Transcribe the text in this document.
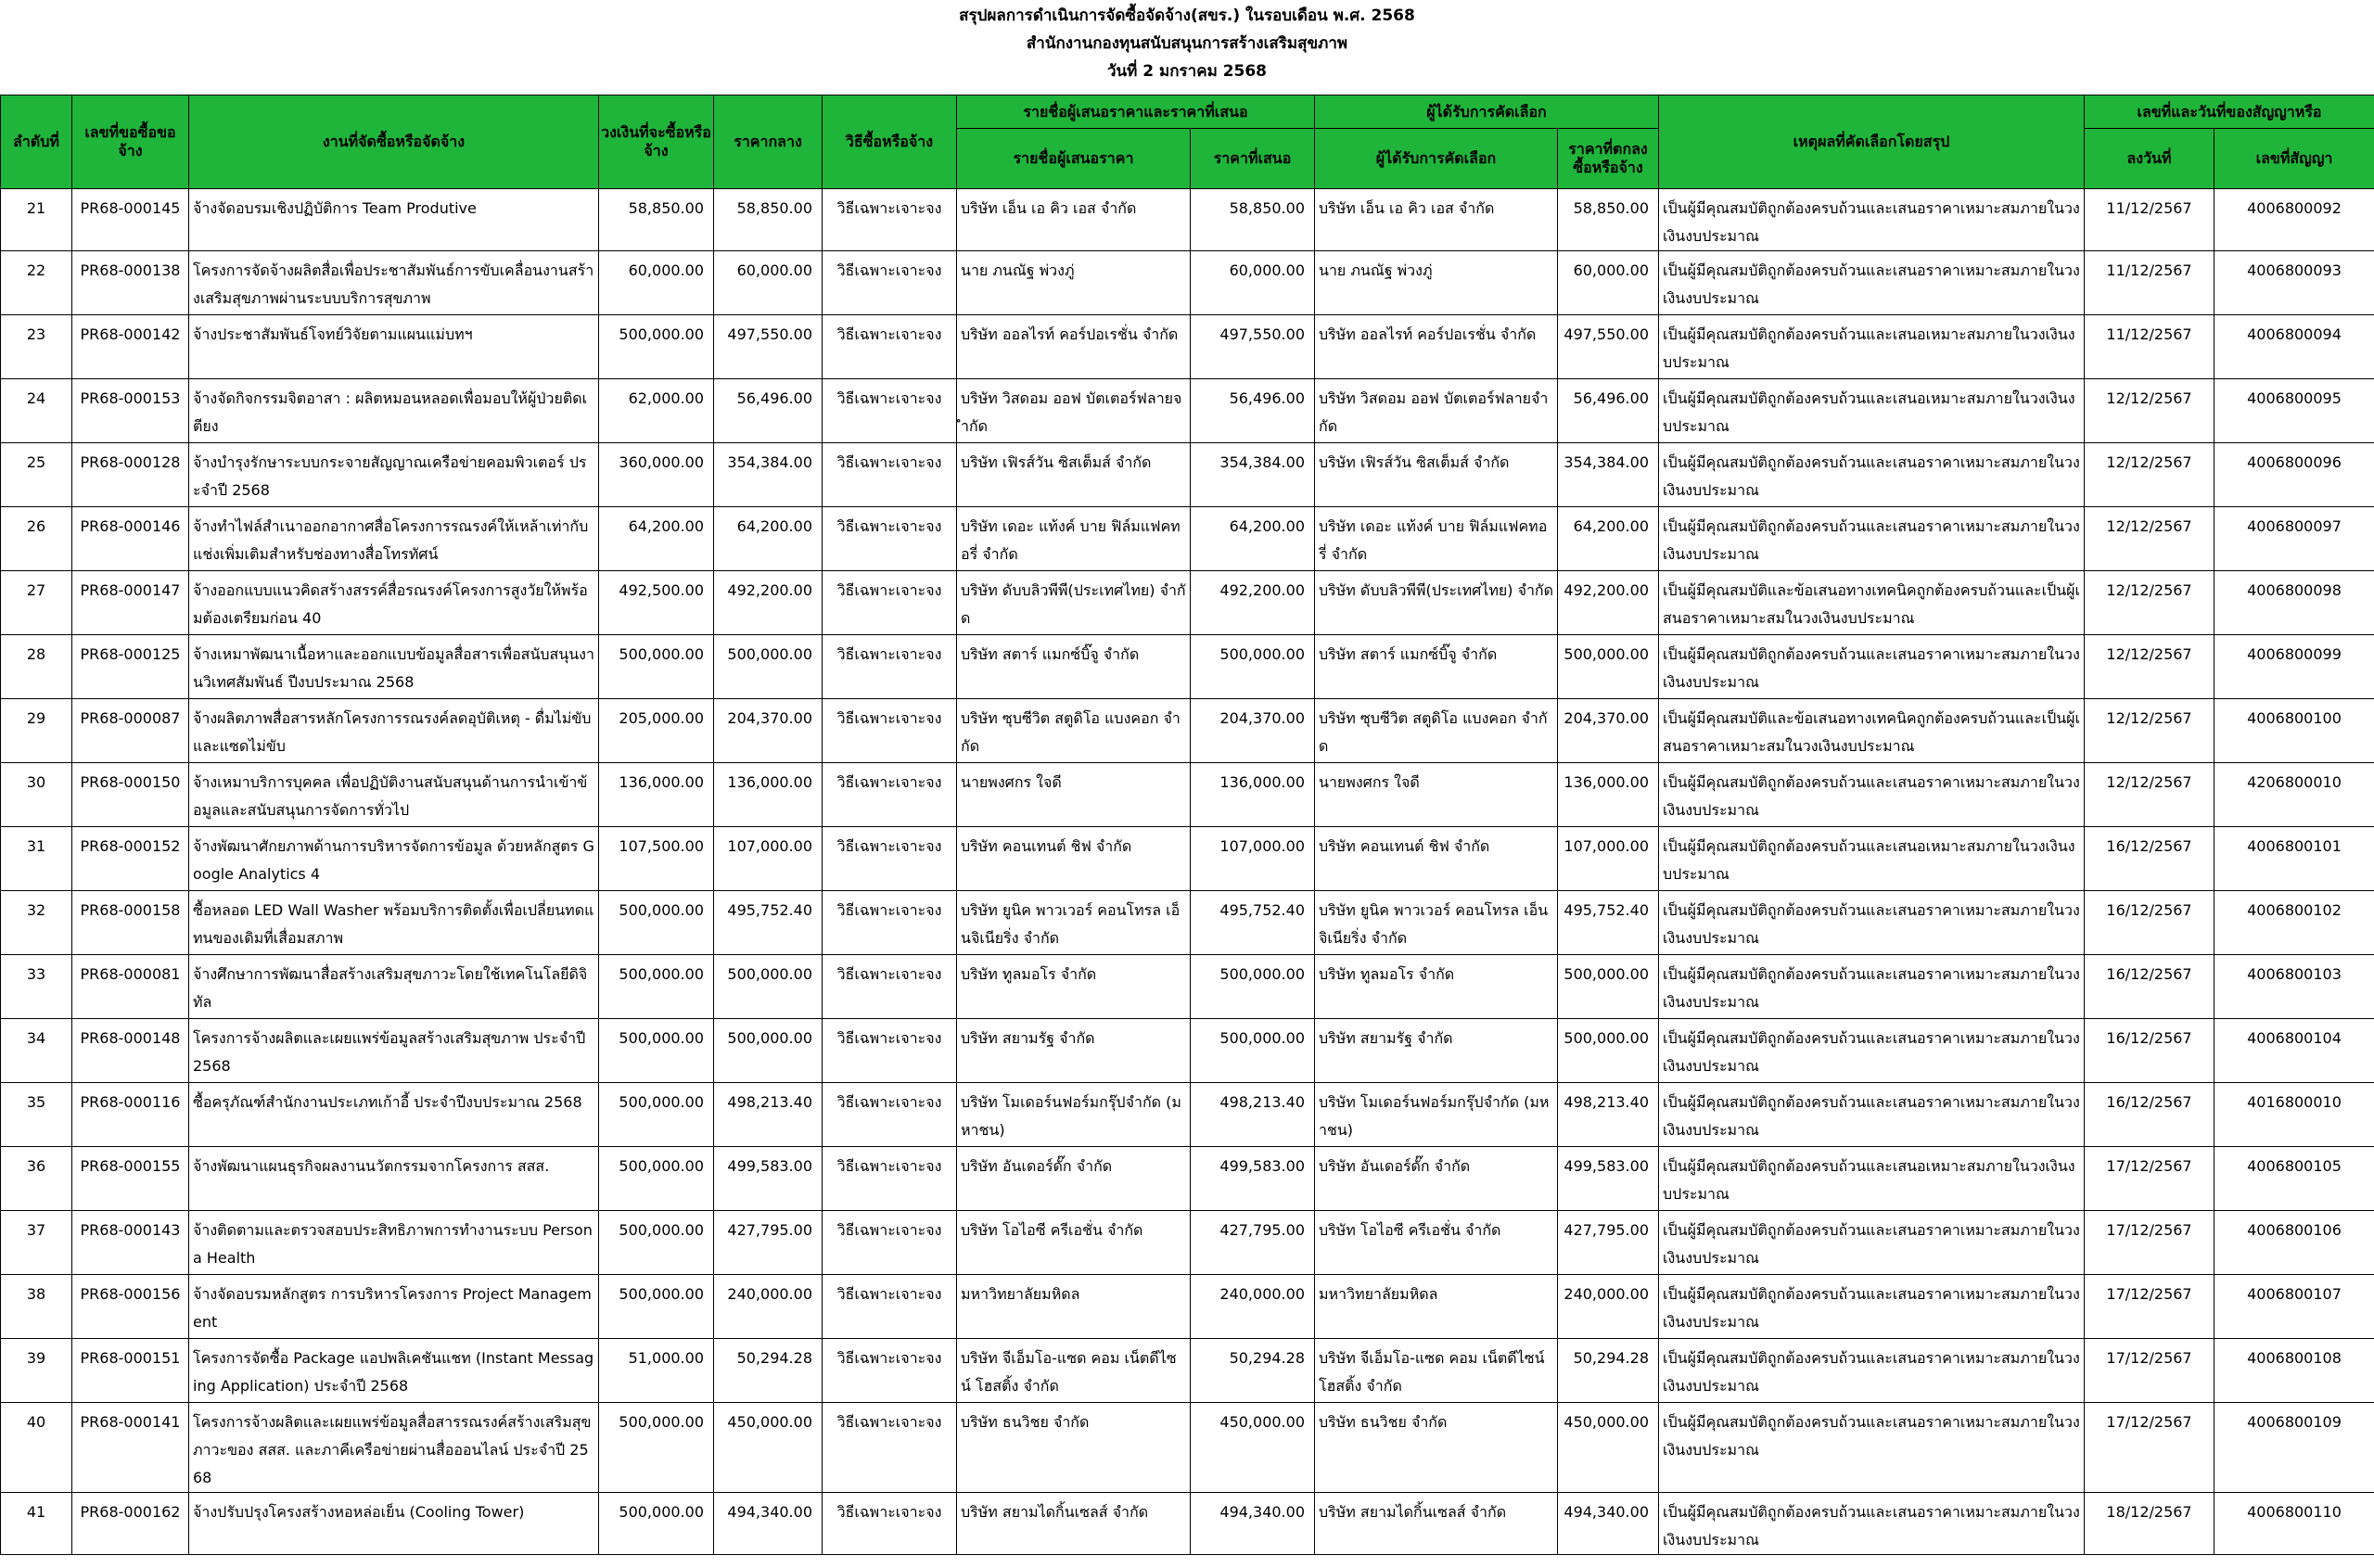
สรุปผลการดำเนินการจัดซื้อจัดจ้าง(สขร.) ในรอบเดือน พ.ศ. 2568
สำนักงานกองทุนสนับสนุนการสร้างเสริมสุขภาพ
วันที่ 2 มกราคม 2568
ลำดับที่	เลขที่ขอซื้อขอจ้าง	งานที่จัดซื้อหรือจัดจ้าง	วงเงินที่จะซื้อหรือจ้าง	ราคากลาง	วิธีซื้อหรือจ้าง	รายชื่อผู้เสนอราคาและราคาที่เสนอ		ผู้ได้รับการคัดเลือก		เหตุผลที่คัดเลือกโดยสรุป	เลขที่และวันที่ของสัญญาหรือ	
						รายชื่อผู้เสนอราคา	ราคาที่เสนอ	ผู้ได้รับการคัดเลือก	ราคาที่ตกลงซื้อหรือจ้าง		ลงวันที่	เลขที่สัญญา
21	PR68-000145	จ้างจัดอบรมเชิงปฏิบัติการ Team Produtive	58,850.00	58,850.00	วิธีเฉพาะเจาะจง	บริษัท เอ็น เอ คิว เอส จำกัด	58,850.00	บริษัท เอ็น เอ คิว เอส จำกัด	58,850.00	เป็นผู้มีคุณสมบัติถูกต้องครบถ้วนและเสนอราคาเหมาะสมภายในวงเงินงบประมาณ	11/12/2567	4006800092
22	PR68-000138	โครงการจัดจ้างผลิตสื่อเพื่อประชาสัมพันธ์การขับเคลื่อนงานสร้างเสริมสุขภาพผ่านระบบบริการสุขภาพ	60,000.00	60,000.00	วิธีเฉพาะเจาะจง	นาย ภนณัฐ พ่วงภู่	60,000.00	นาย ภนณัฐ พ่วงภู่	60,000.00	เป็นผู้มีคุณสมบัติถูกต้องครบถ้วนและเสนอราคาเหมาะสมภายในวงเงินงบประมาณ	11/12/2567	4006800093
23	PR68-000142	จ้างประชาสัมพันธ์โจทย์วิจัยตามแผนแม่บทฯ	500,000.00	497,550.00	วิธีเฉพาะเจาะจง	บริษัท ออลไรท์ คอร์ปอเรชั่น จำกัด	497,550.00	บริษัท ออลไรท์ คอร์ปอเรชั่น จำกัด	497,550.00	เป็นผู้มีคุณสมบัติถูกต้องครบถ้วนและเสนอเหมาะสมภายในวงเงินงบประมาณ	11/12/2567	4006800094
24	PR68-000153	จ้างจัดกิจกรรมจิตอาสา : ผลิตหมอนหลอดเพื่อมอบให้ผู้ป่วยติดเตียง	62,000.00	56,496.00	วิธีเฉพาะเจาะจง	บริษัท วิสดอม ออฟ บัตเตอร์ฟลายจำกัด	56,496.00	บริษัท วิสดอม ออฟ บัตเตอร์ฟลายจำกัด	56,496.00	เป็นผู้มีคุณสมบัติถูกต้องครบถ้วนและเสนอเหมาะสมภายในวงเงินงบประมาณ	12/12/2567	4006800095
25	PR68-000128	จ้างบำรุงรักษาระบบกระจายสัญญาณเครือข่ายคอมพิวเตอร์ ประจำปี 2568	360,000.00	354,384.00	วิธีเฉพาะเจาะจง	บริษัท เฟิรส์วัน ซิสเต็มส์ จำกัด	354,384.00	บริษัท เฟิรส์วัน ซิสเต็มส์ จำกัด	354,384.00	เป็นผู้มีคุณสมบัติถูกต้องครบถ้วนและเสนอราคาเหมาะสมภายในวงเงินงบประมาณ	12/12/2567	4006800096
26	PR68-000146	จ้างทำไฟล์สำเนาออกอากาศสื่อโครงการรณรงค์ให้เหล้าเท่ากับแช่งเพิ่มเติมสำหรับช่องทางสื่อโทรทัศน์	64,200.00	64,200.00	วิธีเฉพาะเจาะจง	บริษัท เดอะ แท้งค์ บาย ฟิล์มแฟคทอรี่ จำกัด	64,200.00	บริษัท เดอะ แท้งค์ บาย ฟิล์มแฟคทอรี่ จำกัด	64,200.00	เป็นผู้มีคุณสมบัติถูกต้องครบถ้วนและเสนอราคาเหมาะสมภายในวงเงินงบประมาณ	12/12/2567	4006800097
27	PR68-000147	จ้างออกแบบแนวคิดสร้างสรรค์สื่อรณรงค์โครงการสูงวัยให้พร้อมต้องเตรียมก่อน 40	492,500.00	492,200.00	วิธีเฉพาะเจาะจง	บริษัท ดับบลิวพีพี(ประเทศไทย) จำกัด	492,200.00	บริษัท ดับบลิวพีพี(ประเทศไทย) จำกัด	492,200.00	เป็นผู้มีคุณสมบัติและข้อเสนอทางเทคนิคถูกต้องครบถ้วนและเป็นผู้เสนอราคาเหมาะสมในวงเงินงบประมาณ	12/12/2567	4006800098
28	PR68-000125	จ้างเหมาพัฒนาเนื้อหาและออกแบบข้อมูลสื่อสารเพื่อสนับสนุนงานวิเทศสัมพันธ์ ปีงบประมาณ 2568	500,000.00	500,000.00	วิธีเฉพาะเจาะจง	บริษัท สตาร์ แมกซ์บิ๊จู จำกัด	500,000.00	บริษัท สตาร์ แมกซ์บิ๊จู จำกัด	500,000.00	เป็นผู้มีคุณสมบัติถูกต้องครบถ้วนและเสนอราคาเหมาะสมภายในวงเงินงบประมาณ	12/12/2567	4006800099
29	PR68-000087	จ้างผลิตภาพสื่อสารหลักโครงการรณรงค์ลดอุบัติเหตุ - ดื่มไม่ขับและแซดไม่ขับ	205,000.00	204,370.00	วิธีเฉพาะเจาะจง	บริษัท ซุบซีวิต สตูดิโอ แบงคอก จำกัด	204,370.00	บริษัท ซุบซีวิต สตูดิโอ แบงคอก จำกัด	204,370.00	เป็นผู้มีคุณสมบัติและข้อเสนอทางเทคนิคถูกต้องครบถ้วนและเป็นผู้เสนอราคาเหมาะสมในวงเงินงบประมาณ	12/12/2567	4006800100
30	PR68-000150	จ้างเหมาบริการบุคคล เพื่อปฏิบัติงานสนับสนุนด้านการนำเข้าข้อมูลและสนับสนุนการจัดการทั่วไป	136,000.00	136,000.00	วิธีเฉพาะเจาะจง	นายพงศกร ใจดี	136,000.00	นายพงศกร ใจดี	136,000.00	เป็นผู้มีคุณสมบัติถูกต้องครบถ้วนและเสนอราคาเหมาะสมภายในวงเงินงบประมาณ	12/12/2567	4206800010
31	PR68-000152	จ้างพัฒนาศักยภาพด้านการบริหารจัดการข้อมูล ด้วยหลักสูตร Google Analytics 4	107,500.00	107,000.00	วิธีเฉพาะเจาะจง	บริษัท คอนเทนต์ ชิฟ จำกัด	107,000.00	บริษัท คอนเทนต์ ชิฟ จำกัด	107,000.00	เป็นผู้มีคุณสมบัติถูกต้องครบถ้วนและเสนอเหมาะสมภายในวงเงินงบประมาณ	16/12/2567	4006800101
32	PR68-000158	ซื้อหลอด LED Wall Washer พร้อมบริการติดตั้งเพื่อเปลี่ยนทดแทนของเดิมที่เสื่อมสภาพ	500,000.00	495,752.40	วิธีเฉพาะเจาะจง	บริษัท ยูนิค พาวเวอร์ คอนโทรล เอ็นจิเนียริ่ง จำกัด	495,752.40	บริษัท ยูนิค พาวเวอร์ คอนโทรล เอ็นจิเนียริ่ง จำกัด	495,752.40	เป็นผู้มีคุณสมบัติถูกต้องครบถ้วนและเสนอราคาเหมาะสมภายในวงเงินงบประมาณ	16/12/2567	4006800102
33	PR68-000081	จ้างศึกษาการพัฒนาสื่อสร้างเสริมสุขภาวะโดยใช้เทคโนโลยีดิจิทัล	500,000.00	500,000.00	วิธีเฉพาะเจาะจง	บริษัท ทูลมอโร จำกัด	500,000.00	บริษัท ทูลมอโร จำกัด	500,000.00	เป็นผู้มีคุณสมบัติถูกต้องครบถ้วนและเสนอราคาเหมาะสมภายในวงเงินงบประมาณ	16/12/2567	4006800103
34	PR68-000148	โครงการจ้างผลิตและเผยแพร่ข้อมูลสร้างเสริมสุขภาพ ประจำปี 2568	500,000.00	500,000.00	วิธีเฉพาะเจาะจง	บริษัท สยามรัฐ จำกัด	500,000.00	บริษัท สยามรัฐ จำกัด	500,000.00	เป็นผู้มีคุณสมบัติถูกต้องครบถ้วนและเสนอราคาเหมาะสมภายในวงเงินงบประมาณ	16/12/2567	4006800104
35	PR68-000116	ซื้อครุภัณฑ์สำนักงานประเภทเก้าอี้ ประจำปีงบประมาณ 2568	500,000.00	498,213.40	วิธีเฉพาะเจาะจง	บริษัท โมเดอร์นฟอร์มกรุ๊ปจำกัด (มหาชน)	498,213.40	บริษัท โมเดอร์นฟอร์มกรุ๊ปจำกัด (มหาชน)	498,213.40	เป็นผู้มีคุณสมบัติถูกต้องครบถ้วนและเสนอราคาเหมาะสมภายในวงเงินงบประมาณ	16/12/2567	4016800010
36	PR68-000155	จ้างพัฒนาแผนธุรกิจผลงานนวัตกรรมจากโครงการ สสส.	500,000.00	499,583.00	วิธีเฉพาะเจาะจง	บริษัท อันเดอร์ดั๊ก จำกัด	499,583.00	บริษัท อันเดอร์ดั๊ก จำกัด	499,583.00	เป็นผู้มีคุณสมบัติถูกต้องครบถ้วนและเสนอเหมาะสมภายในวงเงินงบประมาณ	17/12/2567	4006800105
37	PR68-000143	จ้างติดตามและตรวจสอบประสิทธิภาพการทำงานระบบ Persona Health	500,000.00	427,795.00	วิธีเฉพาะเจาะจง	บริษัท โอไอซี ครีเอชั่น จำกัด	427,795.00	บริษัท โอไอซี ครีเอชั่น จำกัด	427,795.00	เป็นผู้มีคุณสมบัติถูกต้องครบถ้วนและเสนอราคาเหมาะสมภายในวงเงินงบประมาณ	17/12/2567	4006800106
38	PR68-000156	จ้างจัดอบรมหลักสูตร การบริหารโครงการ Project Management	500,000.00	240,000.00	วิธีเฉพาะเจาะจง	มหาวิทยาลัยมหิดล	240,000.00	มหาวิทยาลัยมหิดล	240,000.00	เป็นผู้มีคุณสมบัติถูกต้องครบถ้วนและเสนอราคาเหมาะสมภายในวงเงินงบประมาณ	17/12/2567	4006800107
39	PR68-000151	โครงการจัดซื้อ Package แอปพลิเคชันแชท (Instant Messaging Application) ประจำปี 2568	51,000.00	50,294.28	วิธีเฉพาะเจาะจง	บริษัท จีเอ็มโอ-แซด คอม เน็ตดีไซน์ โฮสติ้ง จำกัด	50,294.28	บริษัท จีเอ็มโอ-แซด คอม เน็ตดีไซน์ โฮสติ้ง จำกัด	50,294.28	เป็นผู้มีคุณสมบัติถูกต้องครบถ้วนและเสนอราคาเหมาะสมภายในวงเงินงบประมาณ	17/12/2567	4006800108
40	PR68-000141	โครงการจ้างผลิตและเผยแพร่ข้อมูลสื่อสารรณรงค์สร้างเสริมสุขภาวะของ สสส. และภาคีเครือข่ายผ่านสื่อออนไลน์ ประจำปี 2568	500,000.00	450,000.00	วิธีเฉพาะเจาะจง	บริษัท ธนวิชย จำกัด	450,000.00	บริษัท ธนวิชย จำกัด	450,000.00	เป็นผู้มีคุณสมบัติถูกต้องครบถ้วนและเสนอราคาเหมาะสมภายในวงเงินงบประมาณ	17/12/2567	4006800109
41	PR68-000162	จ้างปรับปรุงโครงสร้างหอหล่อเย็น (Cooling Tower)	500,000.00	494,340.00	วิธีเฉพาะเจาะจง	บริษัท สยามไดกิ้นเซลส์ จำกัด	494,340.00	บริษัท สยามไดกิ้นเซลส์ จำกัด	494,340.00	เป็นผู้มีคุณสมบัติถูกต้องครบถ้วนและเสนอราคาเหมาะสมภายในวงเงินงบประมาณ	18/12/2567	4006800110
